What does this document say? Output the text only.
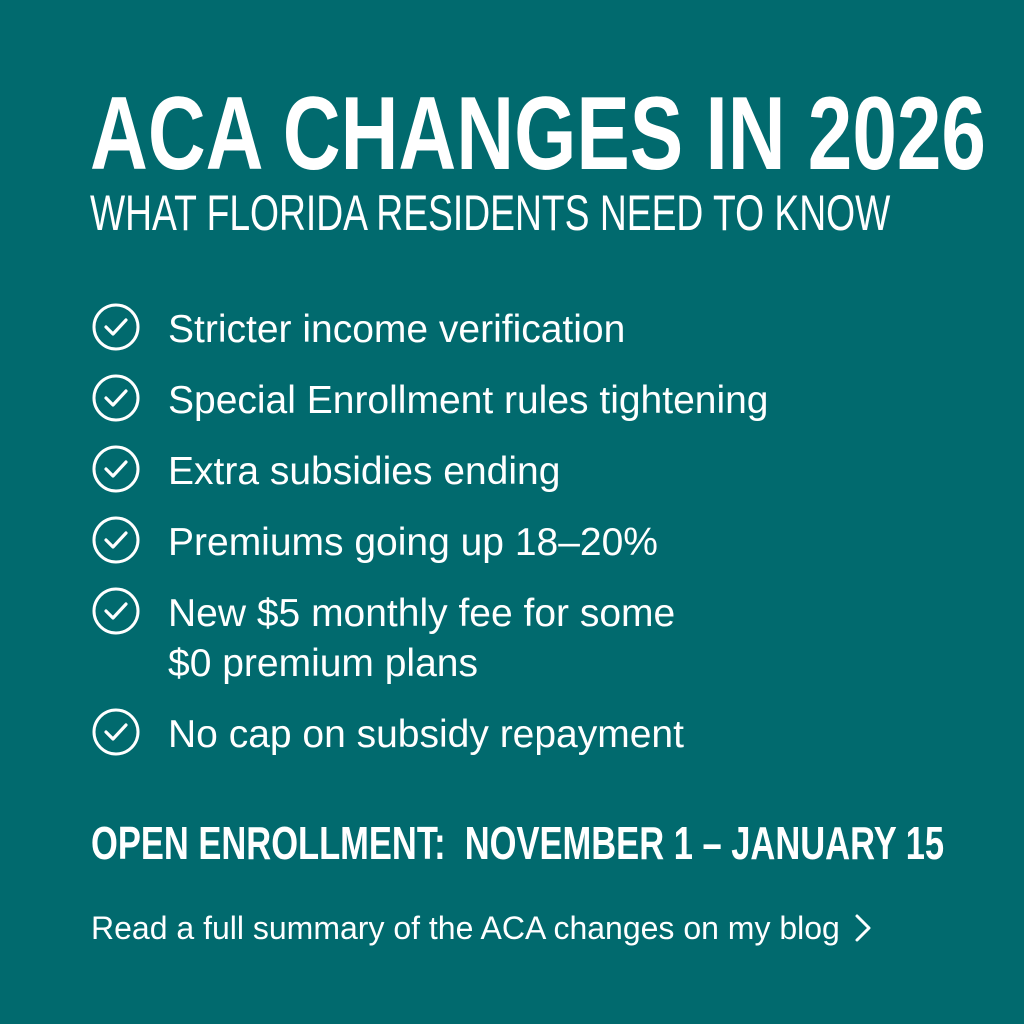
ACA CHANGES IN 2026
WHAT FLORIDA RESIDENTS NEED TO KNOW
Stricter income verification
Special Enrollment rules tightening
Extra subsidies ending
Premiums going up 18–20%
New $5 monthly fee for some
$0 premium plans
No cap on subsidy repayment
OPEN ENROLLMENT:  NOVEMBER 1 – JANUARY 15
Read a full summary of the ACA changes on my blog
